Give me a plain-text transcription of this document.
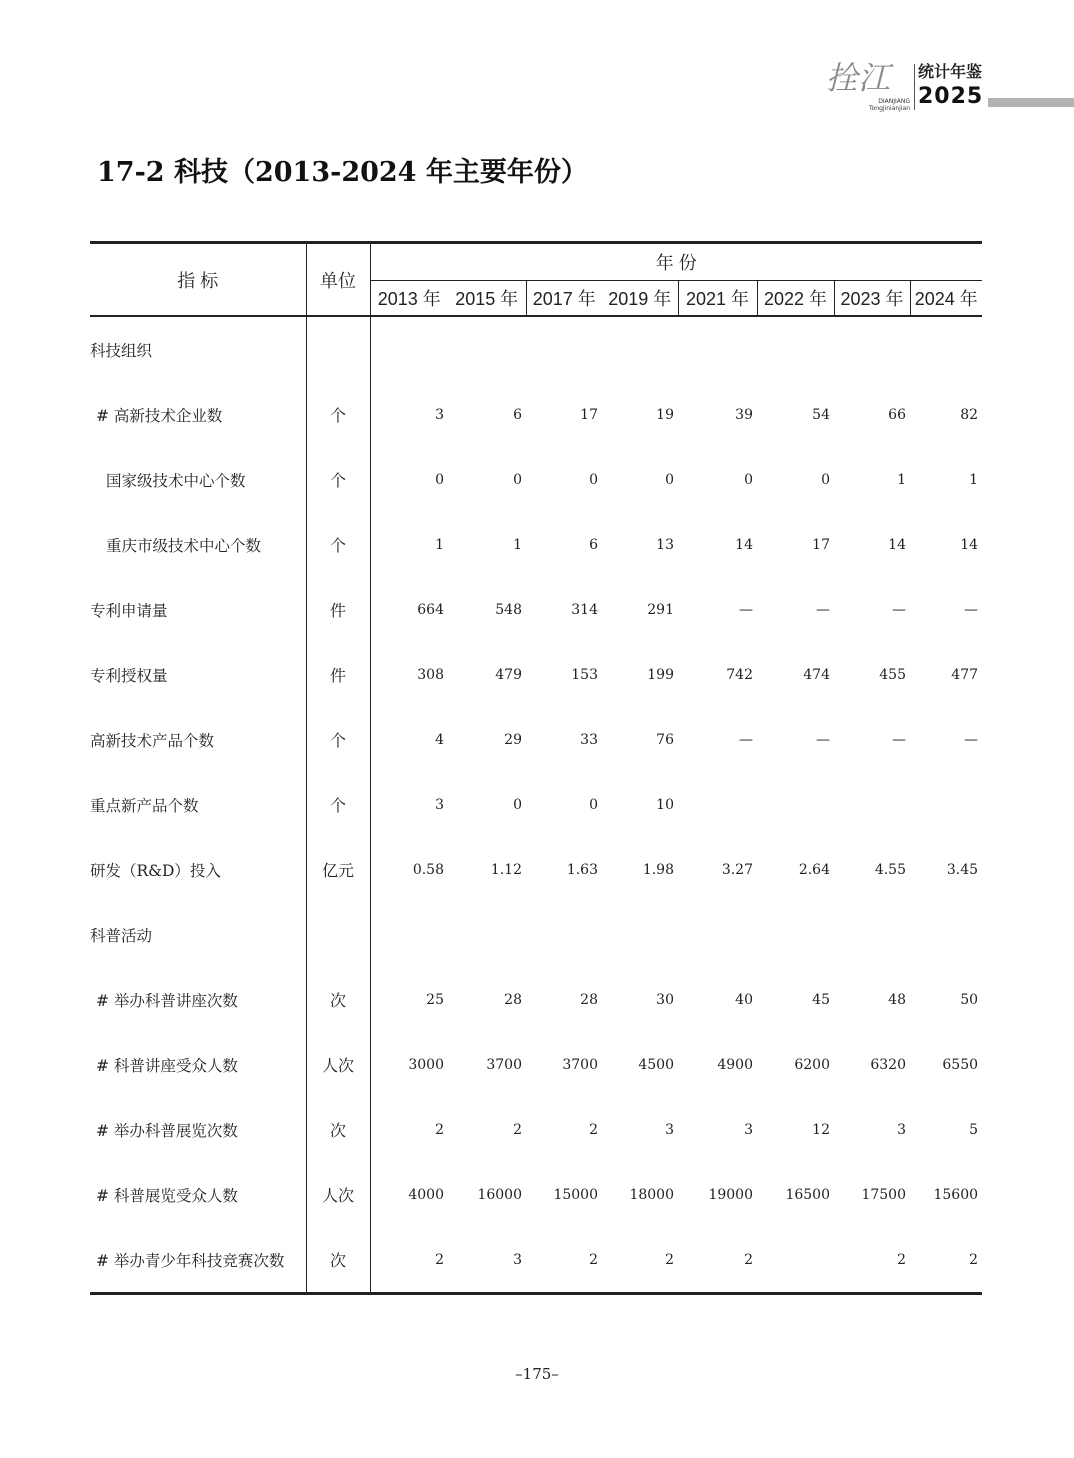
拴江
DIANJIANG
Tongjinianjian
统计年鉴
2025
17-2 科技（2013-2024 年主要年份）
指 标	单位	年 份							
		2013 年	2015 年	2017 年	2019 年	2021 年	2022 年	2023 年	2024 年
科技组织									
# 高新技术企业数	个	3	6	17	19	39	54	66	82
国家级技术中心个数	个	0	0	0	0	0	0	1	1
重庆市级技术中心个数	个	1	1	6	13	14	17	14	14
专利申请量	件	664	548	314	291	—	—	—	—
专利授权量	件	308	479	153	199	742	474	455	477
高新技术产品个数	个	4	29	33	76	—	—	—	—
重点新产品个数	个	3	0	0	10				
研发（R&D）投入	亿元	0.58	1.12	1.63	1.98	3.27	2.64	4.55	3.45
科普活动									
# 举办科普讲座次数	次	25	28	28	30	40	45	48	50
# 科普讲座受众人数	人次	3000	3700	3700	4500	4900	6200	6320	6550
# 举办科普展览次数	次	2	2	2	3	3	12	3	5
# 科普展览受众人数	人次	4000	16000	15000	18000	19000	16500	17500	15600
# 举办青少年科技竞赛次数	次	2	3	2	2	2		2	2
–175–
